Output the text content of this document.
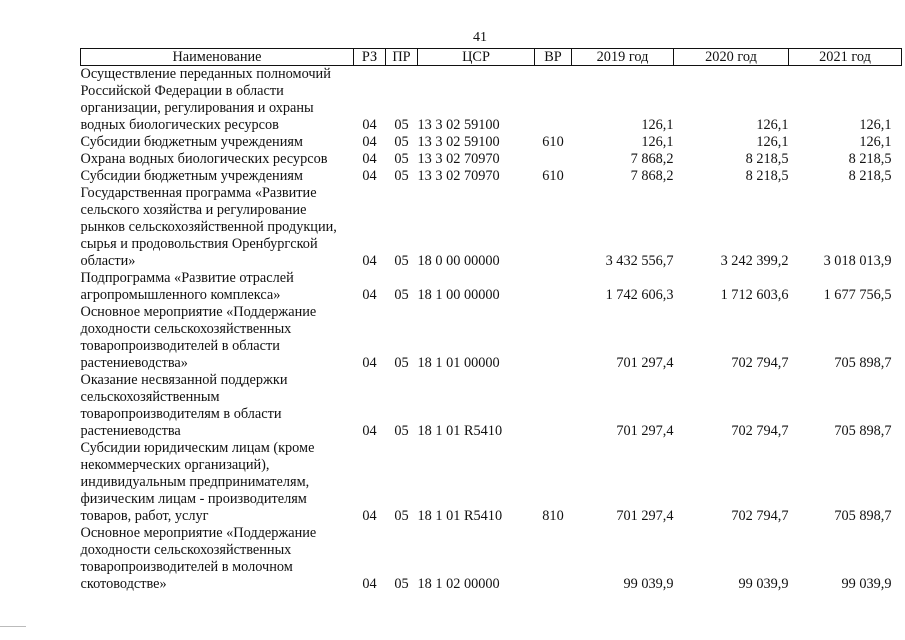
41
Наименование	РЗ	ПР	ЦСР	ВР	2019 год	2020 год	2021 год
Осуществление переданных полномочий Российской Федерации в области организации, регулирования и охраны водных биологических ресурсов	04	05	13 3 02 59100		126,1	126,1	126,1
Субсидии бюджетным учреждениям	04	05	13 3 02 59100	610	126,1	126,1	126,1
Охрана водных биологических ресурсов	04	05	13 3 02 70970		7 868,2	8 218,5	8 218,5
Субсидии бюджетным учреждениям	04	05	13 3 02 70970	610	7 868,2	8 218,5	8 218,5
Государственная программа «Развитие сельского хозяйства и регулирование рынков сельскохозяйственной продукции, сырья и продовольствия Оренбургской области»	04	05	18 0 00 00000		3 432 556,7	3 242 399,2	3 018 013,9
Подпрограмма «Развитие отраслей агропромышленного комплекса»	04	05	18 1 00 00000		1 742 606,3	1 712 603,6	1 677 756,5
Основное мероприятие «Поддержание доходности сельскохозяйственных товаропроизводителей в области растениеводства»	04	05	18 1 01 00000		701 297,4	702 794,7	705 898,7
Оказание несвязанной поддержки сельскохозяйственным товаропроизводителям в области растениеводства	04	05	18 1 01 R5410		701 297,4	702 794,7	705 898,7
Субсидии юридическим лицам (кроме некоммерческих организаций), индивидуальным предпринимателям, физическим лицам - производителям товаров, работ, услуг	04	05	18 1 01 R5410	810	701 297,4	702 794,7	705 898,7
Основное мероприятие «Поддержание доходности сельскохозяйственных товаропроизводителей в молочном скотоводстве»	04	05	18 1 02 00000		99 039,9	99 039,9	99 039,9
